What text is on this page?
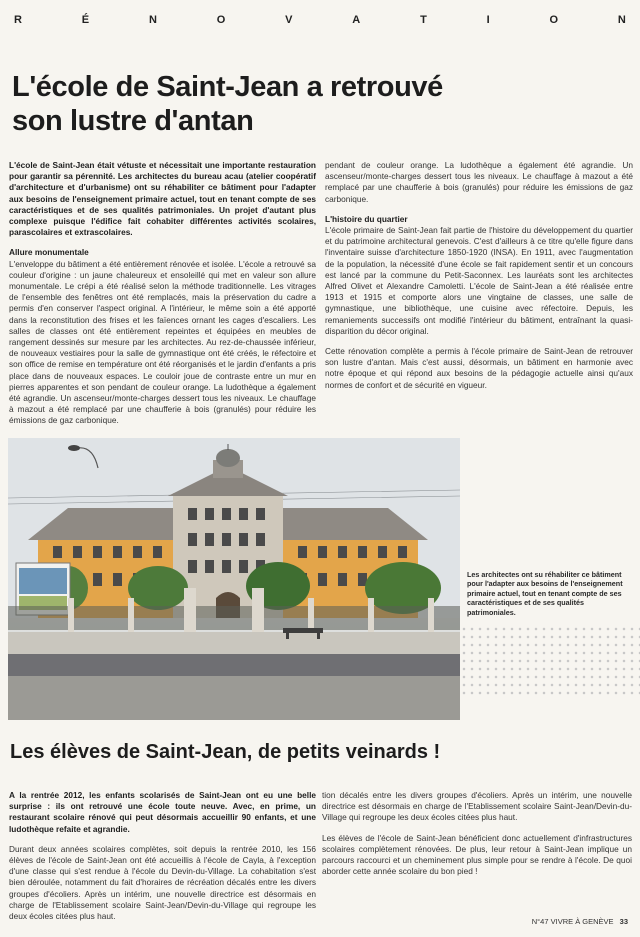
R	É	N	O	V	A	T	I	O	N
L'école de Saint-Jean a retrouvé son lustre d'antan

L'école de Saint-Jean était vétuste et nécessitait une importante restauration pour garantir sa pérennité. Les architectes du bureau acau (atelier coopératif d'architecture et d'urbanisme) ont su réhabiliter ce bâtiment pour l'adapter aux besoins de l'enseignement primaire actuel, tout en tenant compte de ses caractéristiques et de ses qualités patrimoniales. Un projet d'autant plus complexe puisque l'édifice fait cohabiter différentes activités scolaires, parascolaires et extrascolaires.

Allure monumentale

L'enveloppe du bâtiment a été entièrement rénovée et isolée. L'école a retrouvé sa couleur d'origine : un jaune chaleureux et ensoleillé qui met en valeur son allure monumentale. Le crépi a été réalisé selon la méthode traditionnelle. Les vitrages de l'ensemble des fenêtres ont été remplacés, mais la préservation du cadre a permis d'en conserver l'aspect original. A l'intérieur, le même soin a été apporté dans la reconstitution des frises et les faïences ornant les cages d'escaliers. Les salles de classes ont été entièrement repeintes et équipées en meubles de rangement dessinés sur mesure par les architectes. Au rez-de-chaussée inférieur, de nouveaux vestiaires pour la salle de gymnastique ont été créés, le réfectoire et son office de remise en température ont été réorganisés et le jardin d'enfants a pris place dans de nouveaux espaces. Le couloir joue de contraste entre un mur en pierres apparentes et son pendant de couleur orange. La ludothèque a également été agrandie. Un ascenseur/monte-charges dessert tous les niveaux. Le chauffage à mazout a été remplacé par une chaufferie à bois (granulés) pour réduire les émissions de gaz carbonique.

pendant de couleur orange. La ludothèque a également été agrandie. Un ascenseur/monte-charges dessert tous les niveaux. Le chauffage à mazout a été remplacé par une chaufferie à bois (granulés) pour réduire les émissions de gaz carbonique.

L'histoire du quartier

L'école primaire de Saint-Jean fait partie de l'histoire du développement du quartier et du patrimoine architectural genevois. C'est d'ailleurs à ce titre qu'elle figure dans l'inventaire suisse d'architecture 1850-1920 (INSA). En 1911, avec l'augmentation de la population, la nécessité d'une école se fait rapidement sentir et un concours est lancé par la commune du Petit-Saconnex. Les lauréats sont les architectes Alfred Olivet et Alexandre Camoletti. L'école de Saint-Jean a été réalisée entre 1913 et 1915 et comporte alors une vingtaine de classes, une salle de gymnastique, une bibliothèque, une cuisine avec réfectoire. Depuis, les remaniements successifs ont modifié l'intérieur du bâtiment, entraînant la quasi-disparition du décor original.

Cette rénovation complète a permis à l'école primaire de Saint-Jean de retrouver son lustre d'antan. Mais c'est aussi, désormais, un bâtiment en harmonie avec notre époque et qui répond aux besoins de la pédagogie actuelle ainsi qu'aux normes de confort et de sécurité en vigueur.

Les architectes ont su réhabiliter ce bâtiment pour l'adapter aux besoins de l'enseignement primaire actuel, tout en tenant compte de ses caractéristiques et de ses qualités patrimoniales.
Les élèves de Saint-Jean, de petits veinards !

A la rentrée 2012, les enfants scolarisés de Saint-Jean ont eu une belle surprise : ils ont retrouvé une école toute neuve. Avec, en prime, un restaurant scolaire rénové qui peut désormais accueillir 90 enfants, et une ludothèque refaite et agrandie.

Durant deux années scolaires complètes, soit depuis la rentrée 2010, les 156 élèves de l'école de Saint-Jean ont été accueillis à l'école de Cayla, à l'exception d'une classe qui s'est rendue à l'école du Devin-du-Village. La cohabitation s'est bien déroulée, notamment du fait d'horaires de récréation décalés entre les divers groupes d'écoliers. Après un intérim, une nouvelle directrice est désormais en charge de l'Etablissement scolaire Saint-Jean/Devin-du-Village qui regroupe les deux écoles citées plus haut.

tion décalés entre les divers groupes d'écoliers. Après un intérim, une nouvelle directrice est désormais en charge de l'Etablissement scolaire Saint-Jean/Devin-du-Village qui regroupe les deux écoles citées plus haut.

Les élèves de l'école de Saint-Jean bénéficient donc actuellement d'infrastructures scolaires complètement rénovées. De plus, leur retour à Saint-Jean implique un parcours raccourci et un cheminement plus simple pour se rendre à l'école. De quoi aborder cette année scolaire du bon pied !

N°47 VIVRE À GENÈVE 33
